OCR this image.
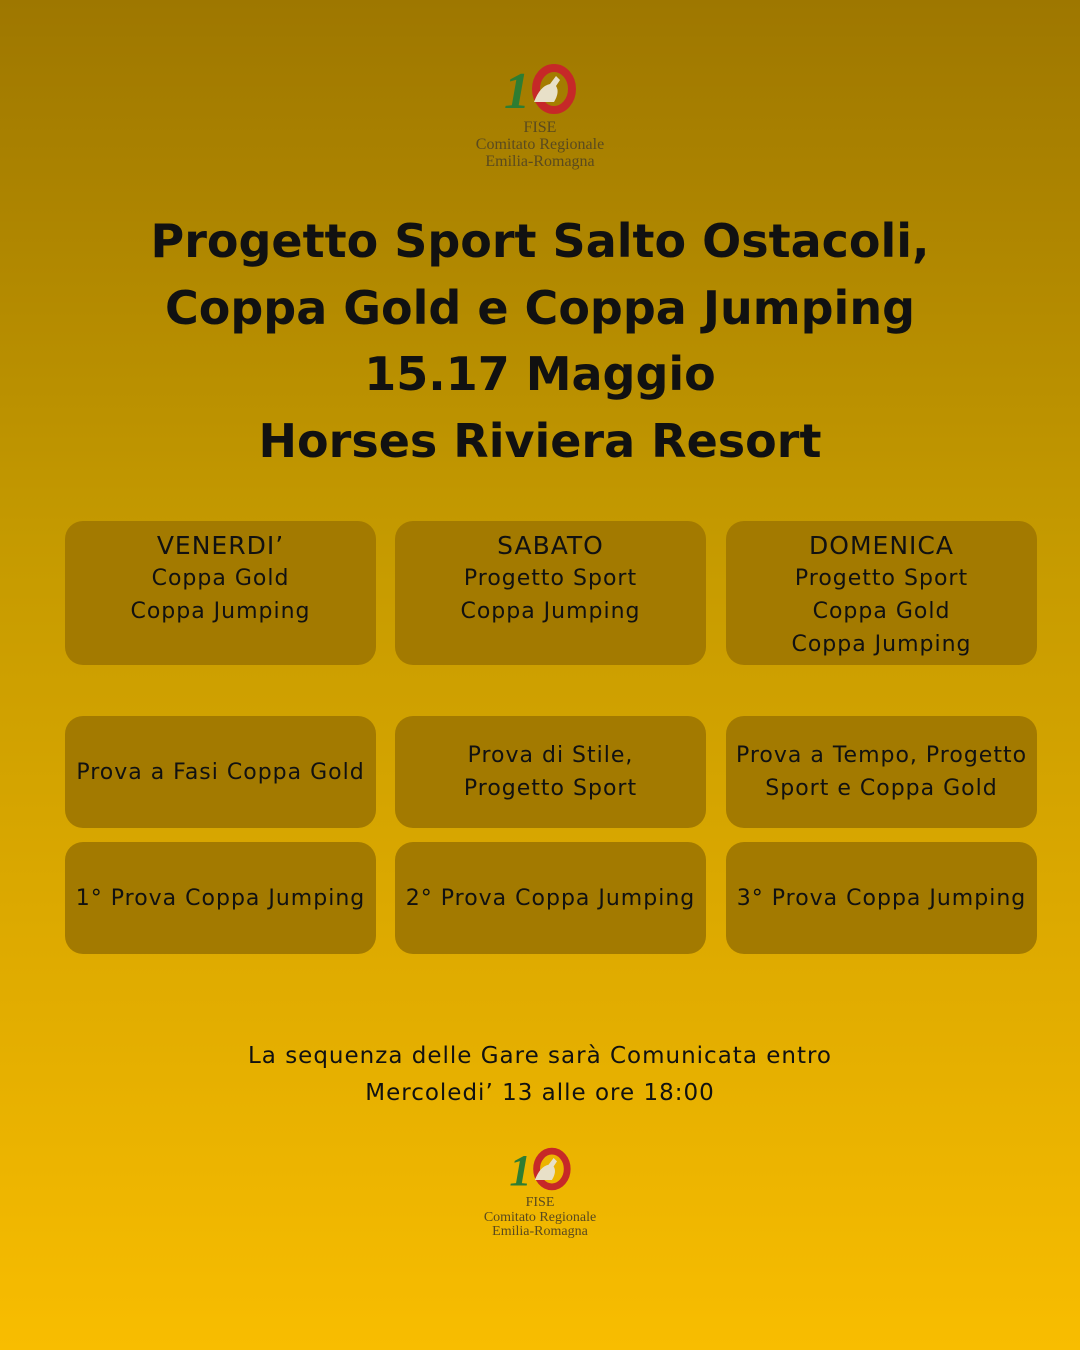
1
FISE
Comitato Regionale
Emilia-Romagna
Progetto Sport Salto Ostacoli,
Coppa Gold e Coppa Jumping
15.17 Maggio
Horses Riviera Resort
VENERDI’
Coppa Gold
Coppa Jumping
SABATO
Progetto Sport
Coppa Jumping
DOMENICA
Progetto Sport
Coppa Gold
Coppa Jumping
Prova a Fasi Coppa Gold
Prova di Stile,
Progetto Sport
Prova a Tempo, Progetto
Sport e Coppa Gold
1° Prova Coppa Jumping 2° Prova Coppa Jumping 3° Prova Coppa Jumping
La sequenza delle Gare sarà Comunicata entro
Mercoledi’ 13 alle ore 18:00
1
FISE
Comitato Regionale
Emilia-Romagna
